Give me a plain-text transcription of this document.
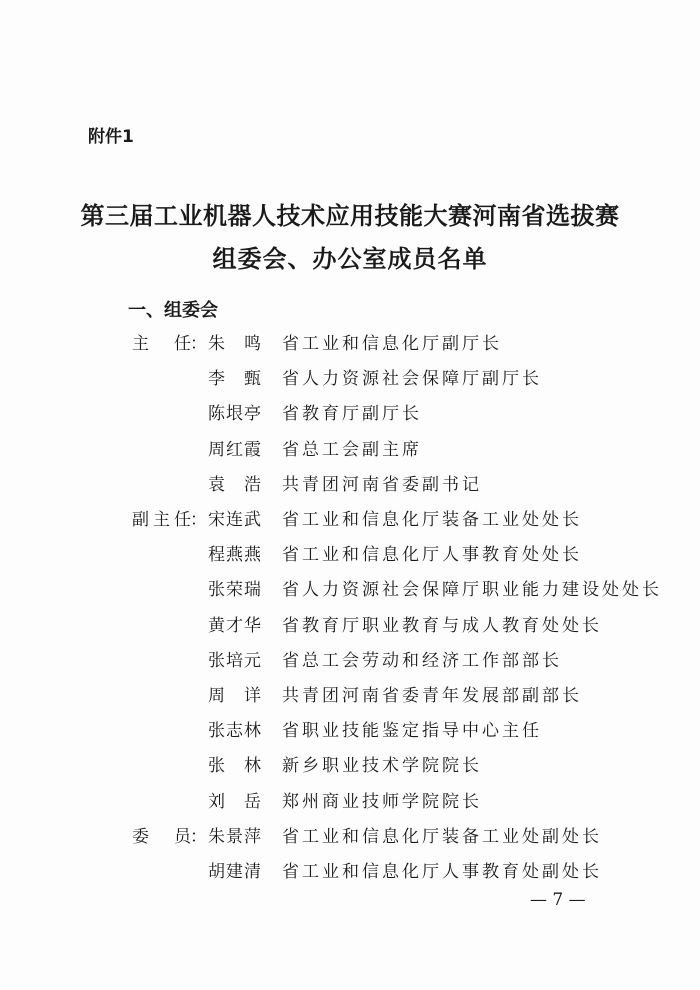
附件1
第三届工业机器人技术应用技能大赛河南省选拔赛
组委会、办公室成员名单
一、组委会
主　任
： 朱　鸣 省工业和信息化厅副厅长
李　甄 省人力资源社会保障厅副厅长
陈垠亭 省教育厅副厅长
周红霞 省总工会副主席
袁　浩 共青团河南省委副书记
副主任
： 宋连武 省工业和信息化厅装备工业处处长
程燕燕 省工业和信息化厅人事教育处处长
张荣瑞 省人力资源社会保障厅职业能力建设处处长
黄才华 省教育厅职业教育与成人教育处处长
张培元 省总工会劳动和经济工作部部长
周　详 共青团河南省委青年发展部副部长
张志林 省职业技能鉴定指导中心主任
张　林 新乡职业技术学院院长
刘　岳 郑州商业技师学院院长
委　员
： 朱景萍 省工业和信息化厅装备工业处副处长
胡建清 省工业和信息化厅人事教育处副处长
— 7 —
